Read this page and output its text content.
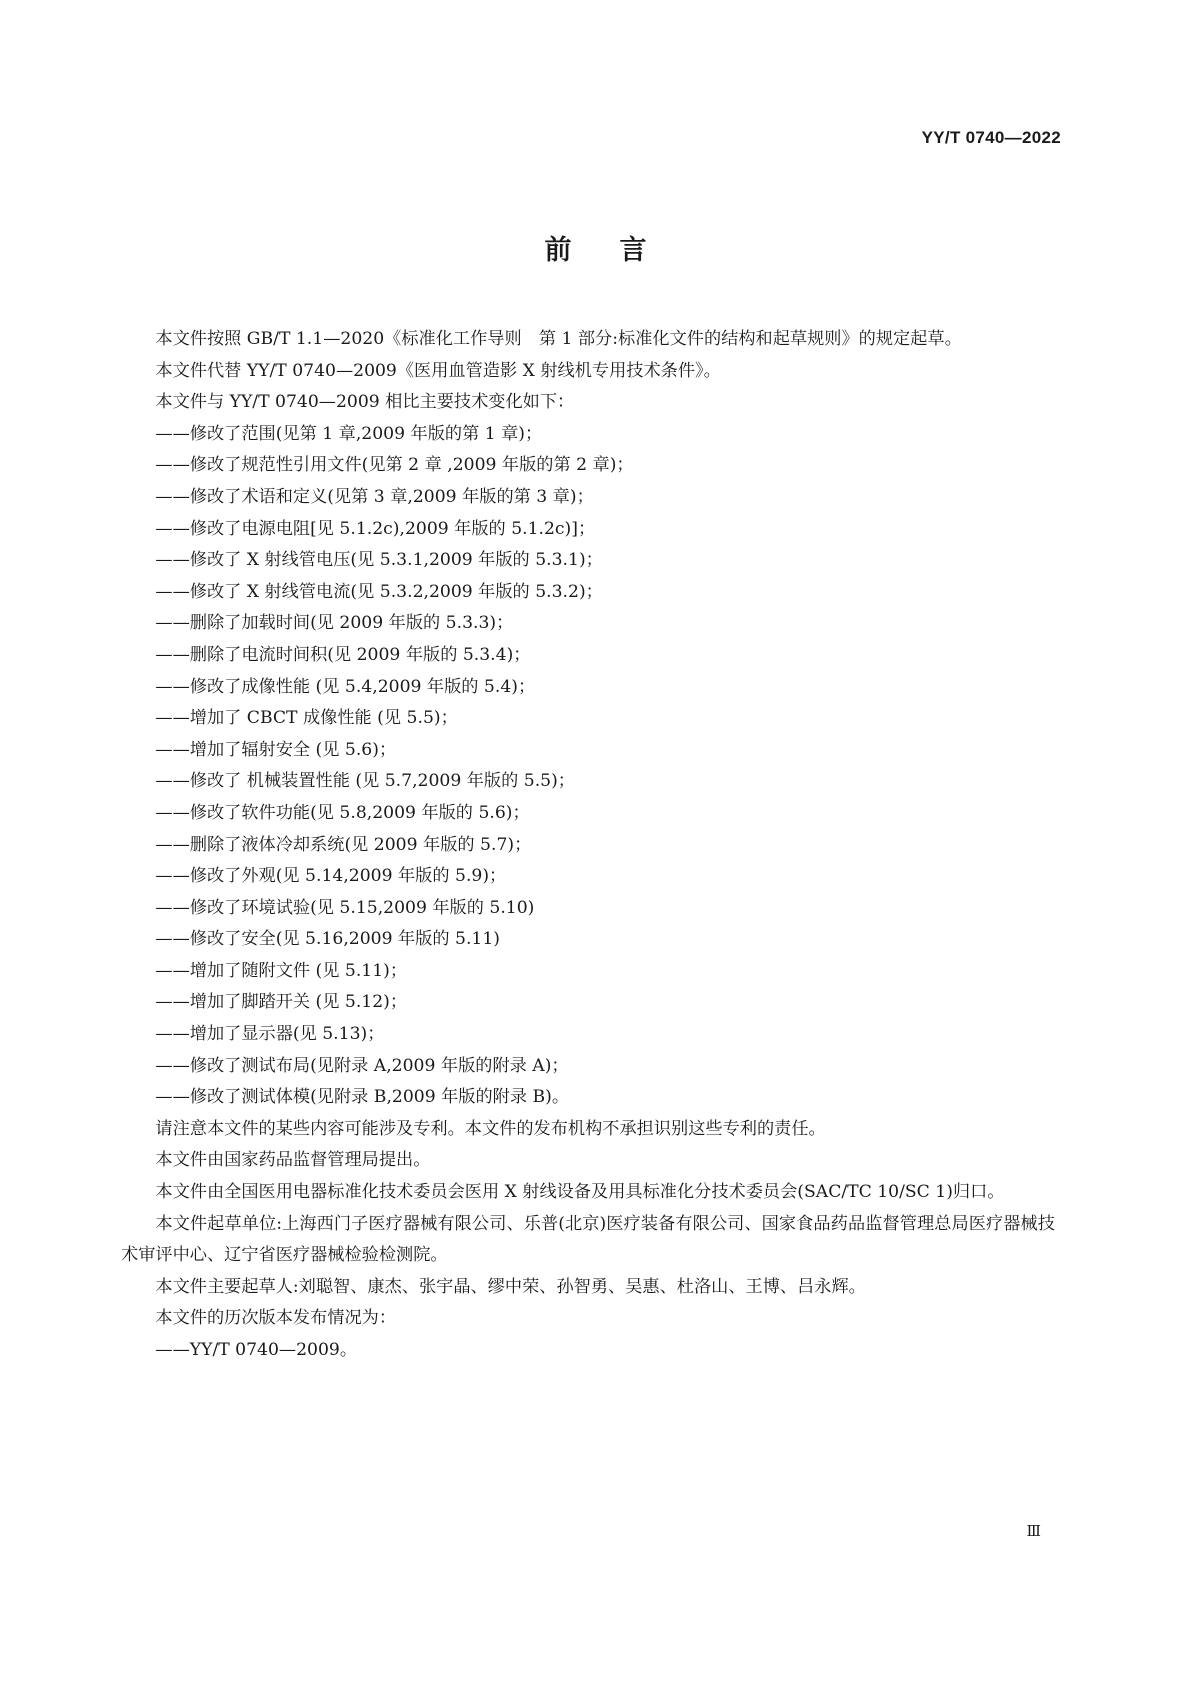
YY/T 0740—2022
前言

本文件按照 GB/T 1.1—2020《标准化工作导则　第 1 部分:标准化文件的结构和起草规则》的规定起草。

本文件代替 YY/T 0740—2009《医用血管造影 X 射线机专用技术条件》。

本文件与 YY/T 0740—2009 相比主要技术变化如下：

——修改了范围(见第 1 章,2009 年版的第 1 章)；

——修改了规范性引用文件(见第 2 章 ,2009 年版的第 2 章)；

——修改了术语和定义(见第 3 章,2009 年版的第 3 章)；

——修改了电源电阻[见 5.1.2c),2009 年版的 5.1.2c)]；

——修改了 X 射线管电压(见 5.3.1,2009 年版的 5.3.1)；

——修改了 X 射线管电流(见 5.3.2,2009 年版的 5.3.2)；

——删除了加载时间(见 2009 年版的 5.3.3)；

——删除了电流时间积(见 2009 年版的 5.3.4)；

——修改了成像性能 (见 5.4,2009 年版的 5.4)；

——增加了 CBCT 成像性能 (见 5.5)；

——增加了辐射安全 (见 5.6)；

——修改了 机械装置性能 (见 5.7,2009 年版的 5.5)；

——修改了软件功能(见 5.8,2009 年版的 5.6)；

——删除了液体冷却系统(见 2009 年版的 5.7)；

——修改了外观(见 5.14,2009 年版的 5.9)；

——修改了环境试验(见 5.15,2009 年版的 5.10)

——修改了安全(见 5.16,2009 年版的 5.11)

——增加了随附文件 (见 5.11)；

——增加了脚踏开关 (见 5.12)；

——增加了显示器(见 5.13)；

——修改了测试布局(见附录 A,2009 年版的附录 A)；

——修改了测试体模(见附录 B,2009 年版的附录 B)。

请注意本文件的某些内容可能涉及专利。本文件的发布机构不承担识别这些专利的责任。

本文件由国家药品监督管理局提出。

本文件由全国医用电器标准化技术委员会医用 X 射线设备及用具标准化分技术委员会(SAC/TC 10/SC 1)归口。

本文件起草单位:上海西门子医疗器械有限公司、乐普(北京)医疗装备有限公司、国家食品药品监督管理总局医疗器械技术审评中心、辽宁省医疗器械检验检测院。

本文件主要起草人:刘聪智、康杰、张宇晶、缪中荣、孙智勇、吴惠、杜洛山、王博、吕永辉。

本文件的历次版本发布情况为：

——YY/T 0740—2009。

Ⅲ
